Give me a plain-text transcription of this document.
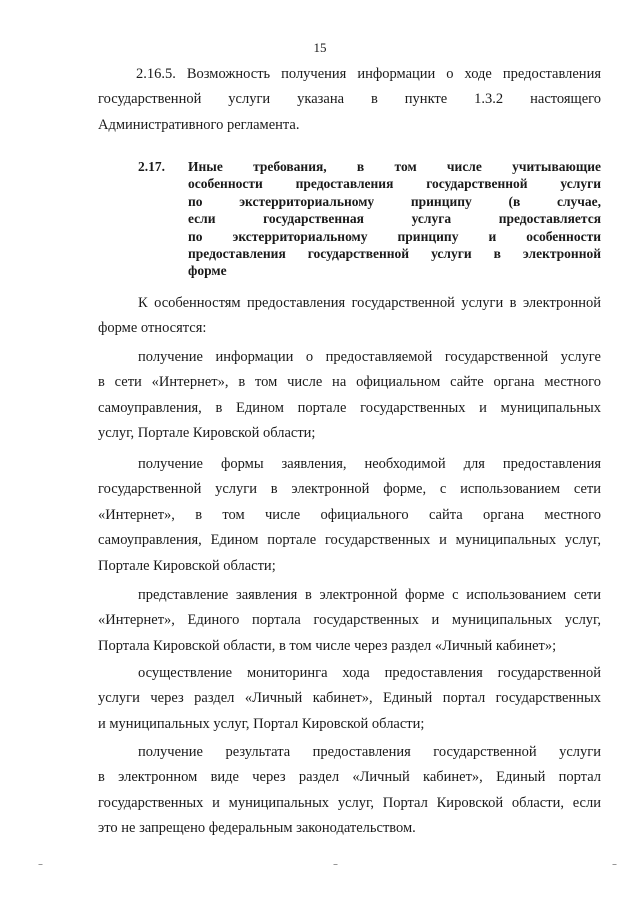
15
2.16.5. Возможность получения информации о ходе предоставления
государственной услуги указана в пункте 1.3.2 настоящего
Административного регламента.
2.17. Иные требования, в том числе учитывающие
особенности предоставления государственной услуги
по экстерриториальному принципу (в случае,
если государственная услуга предоставляется
по экстерриториальному принципу и особенности
предоставления государственной услуги в электронной
форме
К особенностям предоставления государственной услуги в электронной
форме относятся:
получение информации о предоставляемой государственной услуге
в сети «Интернет», в том числе на официальном сайте органа местного
самоуправления, в Едином портале государственных и муниципальных
услуг, Портале Кировской области;
получение формы заявления, необходимой для предоставления
государственной услуги в электронной форме, с использованием сети
«Интернет», в том числе официального сайта органа местного
самоуправления, Едином портале государственных и муниципальных услуг,
Портале Кировской области;
представление заявления в электронной форме с использованием сети
«Интернет», Единого портала государственных и муниципальных услуг,
Портала Кировской области, в том числе через раздел «Личный кабинет»;
осуществление мониторинга хода предоставления государственной
услуги через раздел «Личный кабинет», Единый портал государственных
и муниципальных услуг, Портал Кировской области;
получение результата предоставления государственной услуги
в электронном виде через раздел «Личный кабинет», Единый портал
государственных и муниципальных услуг, Портал Кировской области, если
это не запрещено федеральным законодательством.
....	....	....
